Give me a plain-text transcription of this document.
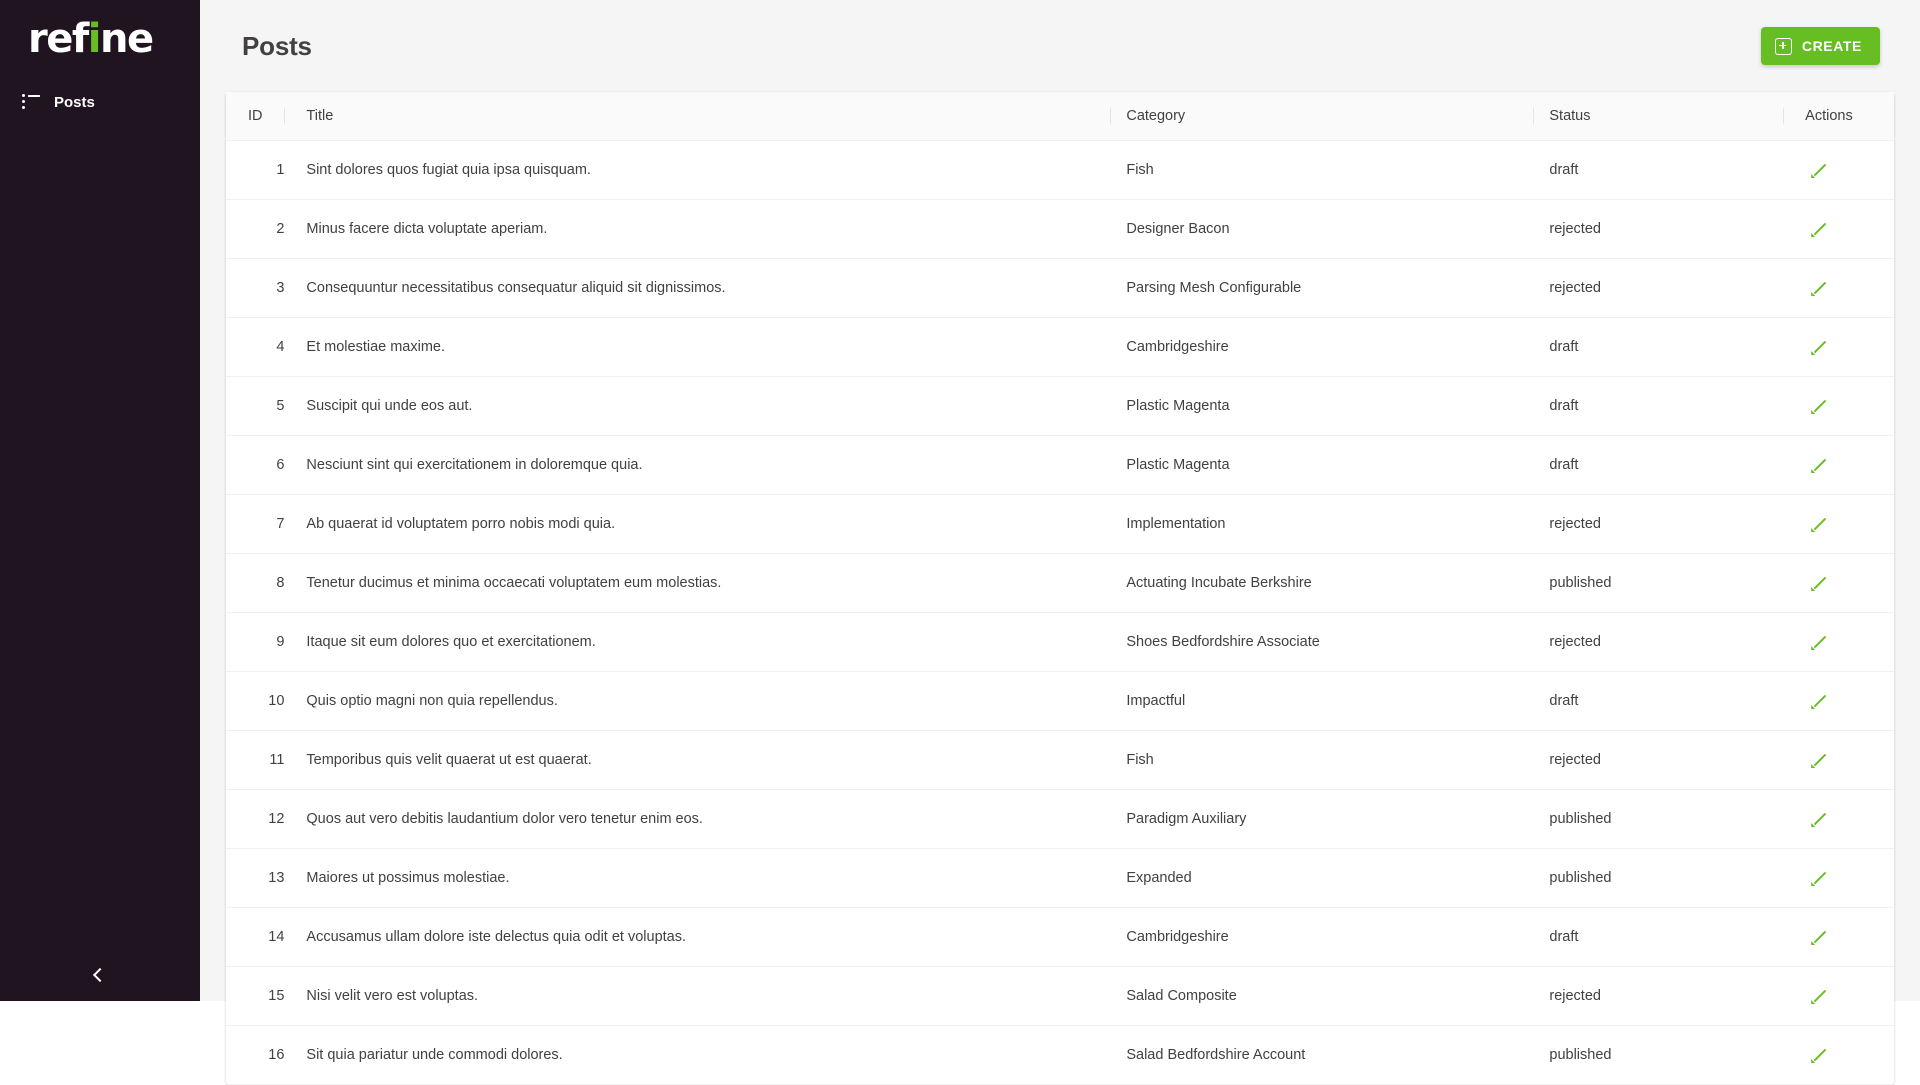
refine
Posts
Posts	CREATE
ID	Title	Category	Status	Actions
1	Sint dolores quos fugiat quia ipsa quisquam.	Fish	draft	

2	Minus facere dicta voluptate aperiam.	Designer Bacon	rejected	

3	Consequuntur necessitatibus consequatur aliquid sit dignissimos.	Parsing Mesh Configurable	rejected	

4	Et molestiae maxime.	Cambridgeshire	draft	

5	Suscipit qui unde eos aut.	Plastic Magenta	draft	

6	Nesciunt sint qui exercitationem in doloremque quia.	Plastic Magenta	draft	

7	Ab quaerat id voluptatem porro nobis modi quia.	Implementation	rejected	

8	Tenetur ducimus et minima occaecati voluptatem eum molestias.	Actuating Incubate Berkshire	published	

9	Itaque sit eum dolores quo et exercitationem.	Shoes Bedfordshire Associate	rejected	

10	Quis optio magni non quia repellendus.	Impactful	draft	

11	Temporibus quis velit quaerat ut est quaerat.	Fish	rejected	

12	Quos aut vero debitis laudantium dolor vero tenetur enim eos.	Paradigm Auxiliary	published	

13	Maiores ut possimus molestiae.	Expanded	published	

14	Accusamus ullam dolore iste delectus quia odit et voluptas.	Cambridgeshire	draft	

15	Nisi velit vero est voluptas.	Salad Composite	rejected	

16	Sit quia pariatur unde commodi dolores.	Salad Bedfordshire Account	published	
